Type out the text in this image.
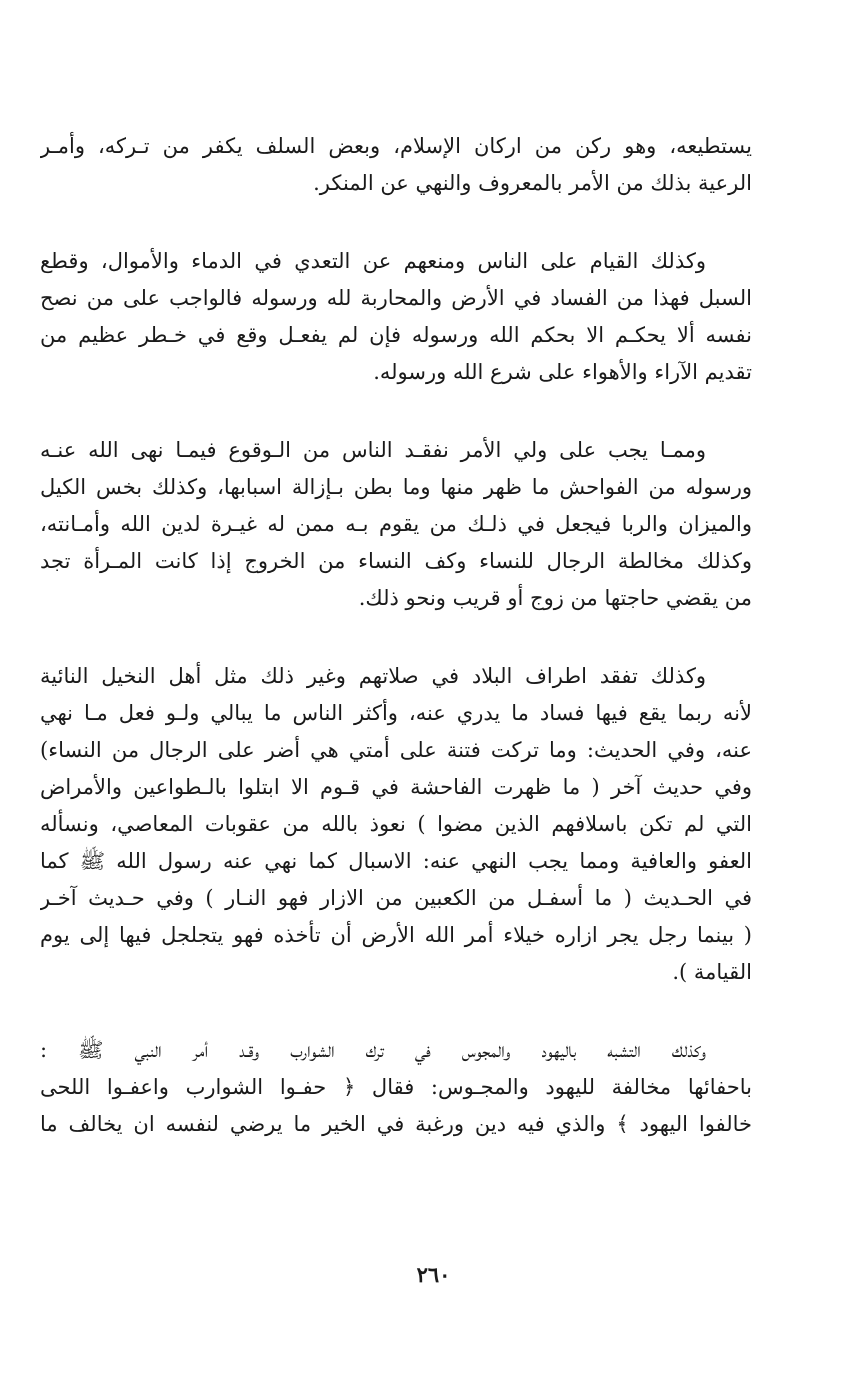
يستطيعه، وهو ركن من اركان الإسلام، وبعض السلف يكفر من تـركه، وأمـر
الرعية بذلك من الأمر بالمعروف والنهي عن المنكر.
وكذلك القيام على الناس ومنعهم عن التعدي في الدماء والأموال، وقطع
السبل فهذا من الفساد في الأرض والمحاربة لله ورسوله فالواجب على من نصح
نفسه ألا يحكـم الا بحكم الله ورسوله فإن لم يفعـل وقع في خـطر عظيم من
تقديم الآراء والأهواء على شرع الله ورسوله.
وممـا يجب على ولي الأمر نفقـد الناس من الـوقوع فيمـا نهى الله عنـه
ورسوله من الفواحش ما ظهر منها وما بطن بـإزالة اسبابها، وكذلك بخس الكيل
والميزان والربا فيجعل في ذلـك من يقوم بـه ممن له غيـرة لدين الله وأمـانته،
وكذلك مخالطة الرجال للنساء وكف النساء من الخروج إذا كانت المـرأة تجد
من يقضي حاجتها من زوج أو قريب ونحو ذلك.
وكذلك تفقد اطراف البلاد في صلاتهم وغير ذلك مثل أهل النخيل النائية
لأنه ربما يقع فيها فساد ما يدري عنه، وأكثر الناس ما يبالي ولـو فعل مـا نهي
عنه، وفي الحديث: وما تركت فتنة على أمتي هي أضر على الرجال من النساء)
وفي حديث آخر ( ما ظهرت الفاحشة في قـوم الا ابتلوا بالـطواعين والأمراض
التي لم تكن باسلافهم الذين مضوا ) نعوذ بالله من عقوبات المعاصي، ونسأله
العفو والعافية ومما يجب النهي عنه: الاسبال كما نهي عنه رسول الله ﷺ كما
في الحـديث ( ما أسفـل من الكعبين من الازار فهو النـار ) وفي حـديث آخـر
( بينما رجل يجر ازاره خيلاء أمر الله الأرض أن تأخذه فهو يتجلجل فيها إلى يوم
القيامة ).
وكذلك التشبه باليهود والمجوس في ترك الشوارب وقـد أمر النبي ﷺ :
باحفائها مخالفة لليهود والمجـوس: فقال ﴿ حفـوا الشوارب واعفـوا اللحى
خالفوا اليهود ﴾ والذي فيه دين ورغبة في الخير ما يرضي لنفسه ان يخالف ما
٢٦٠
